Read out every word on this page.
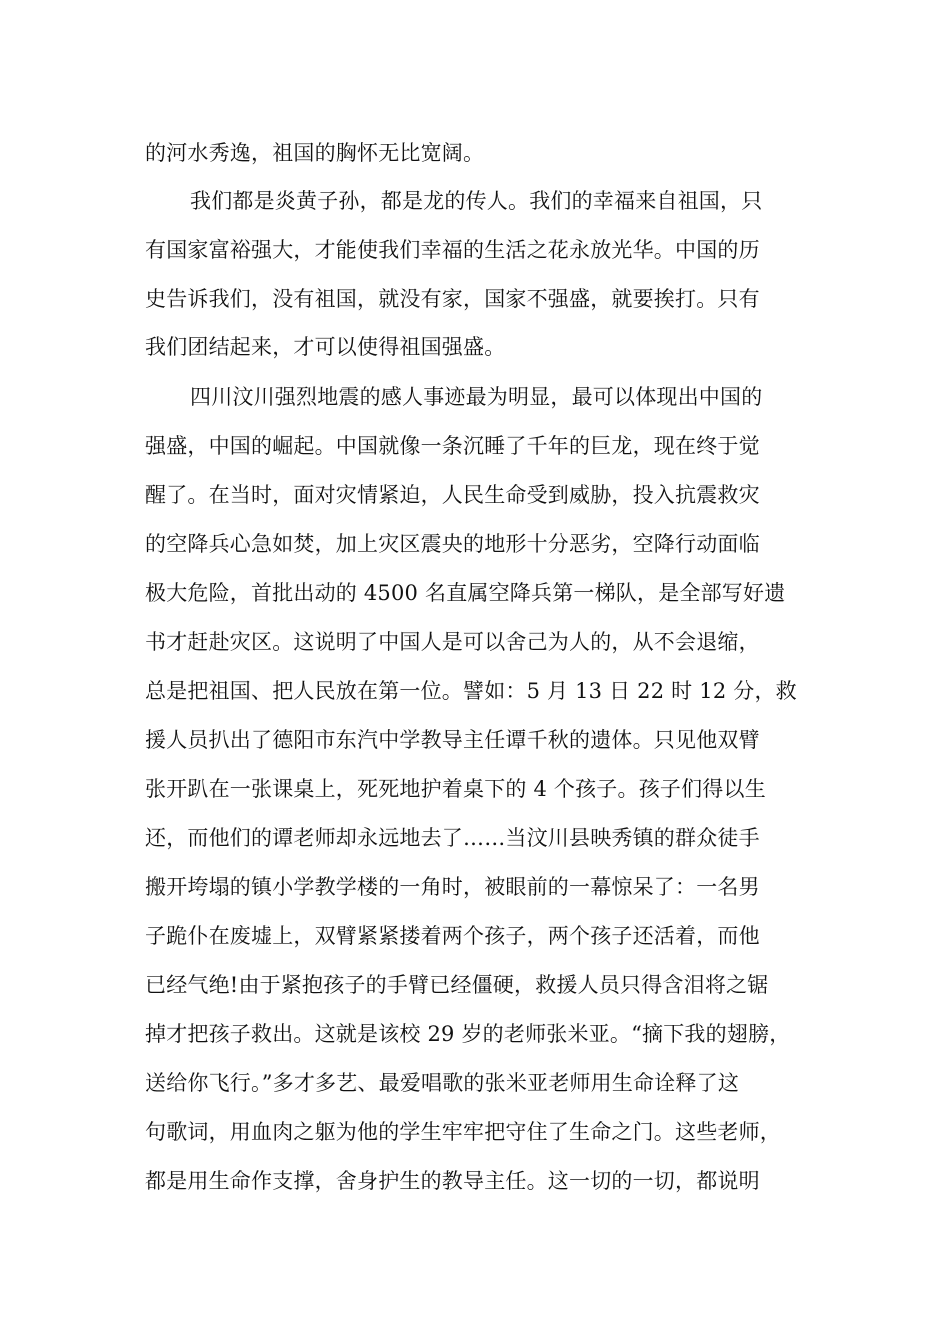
的河水秀逸，祖国的胸怀无比宽阔。
我们都是炎黄子孙，都是龙的传人。我们的幸福来自祖国，只
有国家富裕强大，才能使我们幸福的生活之花永放光华。中国的历
史告诉我们，没有祖国，就没有家，国家不强盛，就要挨打。只有
我们团结起来，才可以使得祖国强盛。
四川汶川强烈地震的感人事迹最为明显，最可以体现出中国的
强盛，中国的崛起。中国就像一条沉睡了千年的巨龙，现在终于觉
醒了。在当时，面对灾情紧迫，人民生命受到威胁，投入抗震救灾
的空降兵心急如焚，加上灾区震央的地形十分恶劣，空降行动面临
极大危险，首批出动的 4500 名直属空降兵第一梯队，是全部写好遗
书才赶赴灾区。这说明了中国人是可以舍己为人的，从不会退缩，
总是把祖国、把人民放在第一位。譬如：5 月 13 日 22 时 12 分，救
援人员扒出了德阳市东汽中学教导主任谭千秋的遗体。只见他双臂
张开趴在一张课桌上，死死地护着桌下的 4 个孩子。孩子们得以生
还，而他们的谭老师却永远地去了……当汶川县映秀镇的群众徒手
搬开垮塌的镇小学教学楼的一角时，被眼前的一幕惊呆了：一名男
子跪仆在废墟上，双臂紧紧搂着两个孩子，两个孩子还活着，而他
已经气绝!由于紧抱孩子的手臂已经僵硬，救援人员只得含泪将之锯
掉才把孩子救出。这就是该校 29 岁的老师张米亚。“摘下我的翅膀，
送给你飞行。”多才多艺、最爱唱歌的张米亚老师用生命诠释了这
句歌词，用血肉之躯为他的学生牢牢把守住了生命之门。这些老师，
都是用生命作支撑，舍身护生的教导主任。这一切的一切，都说明
